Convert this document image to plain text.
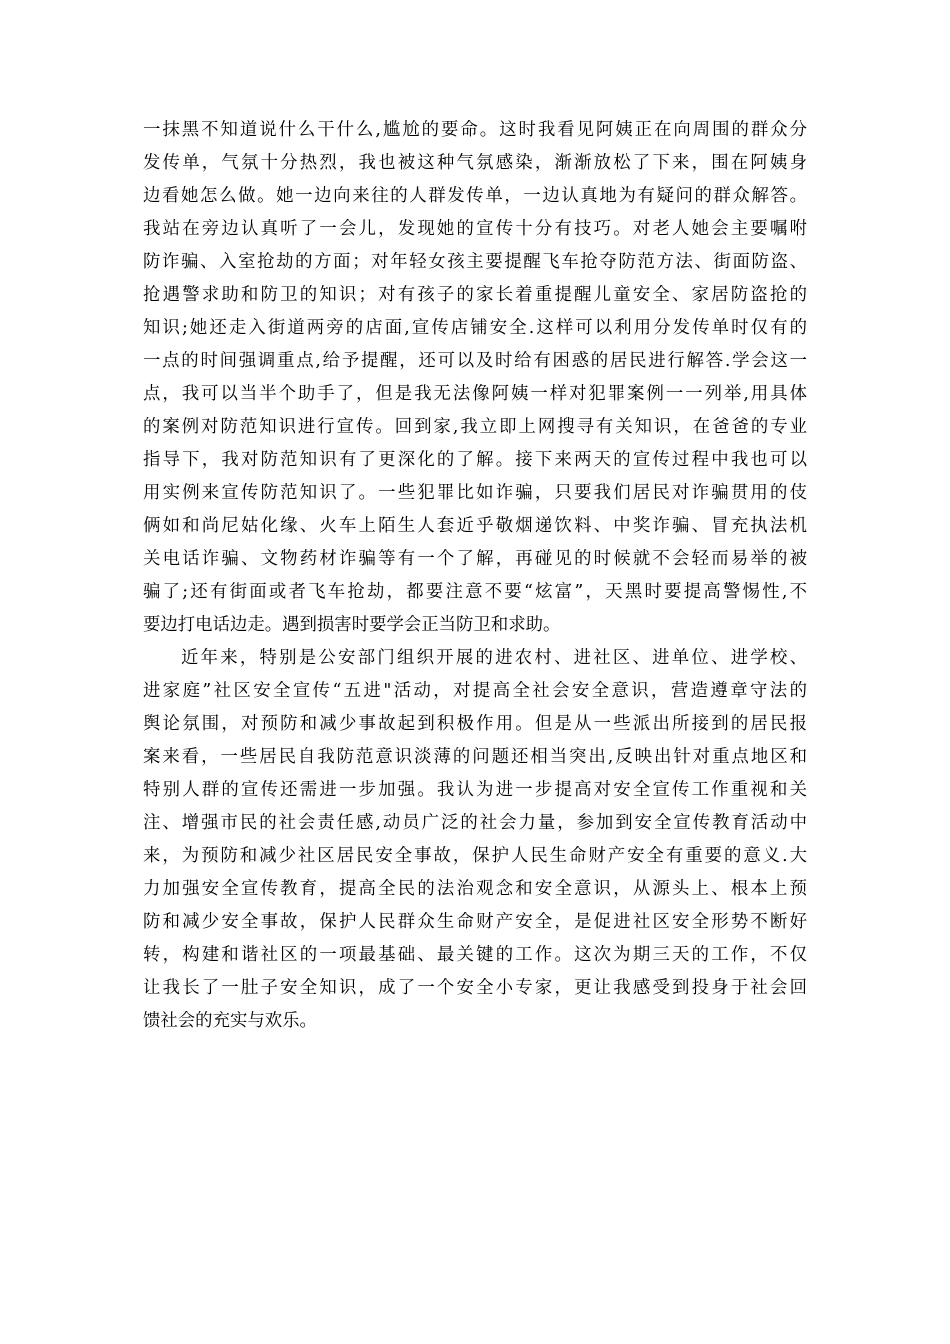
一抹黑不知道说什么干什么,尴尬的要命。这时我看见阿姨正在向周围的群众分
发传单，气氛十分热烈，我也被这种气氛感染，渐渐放松了下来，围在阿姨身
边看她怎么做。她一边向来往的人群发传单，一边认真地为有疑问的群众解答。
我站在旁边认真听了一会儿，发现她的宣传十分有技巧。对老人她会主要嘱咐
防诈骗、入室抢劫的方面；对年轻女孩主要提醒飞车抢夺防范方法、街面防盗、
抢遇警求助和防卫的知识；对有孩子的家长着重提醒儿童安全、家居防盗抢的
知识;她还走入街道两旁的店面,宣传店铺安全.这样可以利用分发传单时仅有的
一点的时间强调重点,给予提醒，还可以及时给有困惑的居民进行解答.学会这一
点，我可以当半个助手了，但是我无法像阿姨一样对犯罪案例一一列举,用具体
的案例对防范知识进行宣传。回到家,我立即上网搜寻有关知识，在爸爸的专业
指导下，我对防范知识有了更深化的了解。接下来两天的宣传过程中我也可以
用实例来宣传防范知识了。一些犯罪比如诈骗，只要我们居民对诈骗贯用的伎
俩如和尚尼姑化缘、火车上陌生人套近乎敬烟递饮料、中奖诈骗、冒充执法机
关电话诈骗、文物药材诈骗等有一个了解，再碰见的时候就不会轻而易举的被
骗了;还有街面或者飞车抢劫，都要注意不要“炫富”，天黑时要提高警惕性,不
要边打电话边走。遇到损害时要学会正当防卫和求助。
近年来，特别是公安部门组织开展的进农村、进社区、进单位、进学校、
进家庭”社区安全宣传“五进"活动，对提高全社会安全意识，营造遵章守法的
舆论氛围，对预防和减少事故起到积极作用。但是从一些派出所接到的居民报
案来看，一些居民自我防范意识淡薄的问题还相当突出,反映出针对重点地区和
特别人群的宣传还需进一步加强。我认为进一步提高对安全宣传工作重视和关
注、增强市民的社会责任感,动员广泛的社会力量，参加到安全宣传教育活动中
来，为预防和减少社区居民安全事故，保护人民生命财产安全有重要的意义.大
力加强安全宣传教育，提高全民的法治观念和安全意识，从源头上、根本上预
防和减少安全事故，保护人民群众生命财产安全，是促进社区安全形势不断好
转，构建和谐社区的一项最基础、最关键的工作。这次为期三天的工作，不仅
让我长了一肚子安全知识，成了一个安全小专家，更让我感受到投身于社会回
馈社会的充实与欢乐。
